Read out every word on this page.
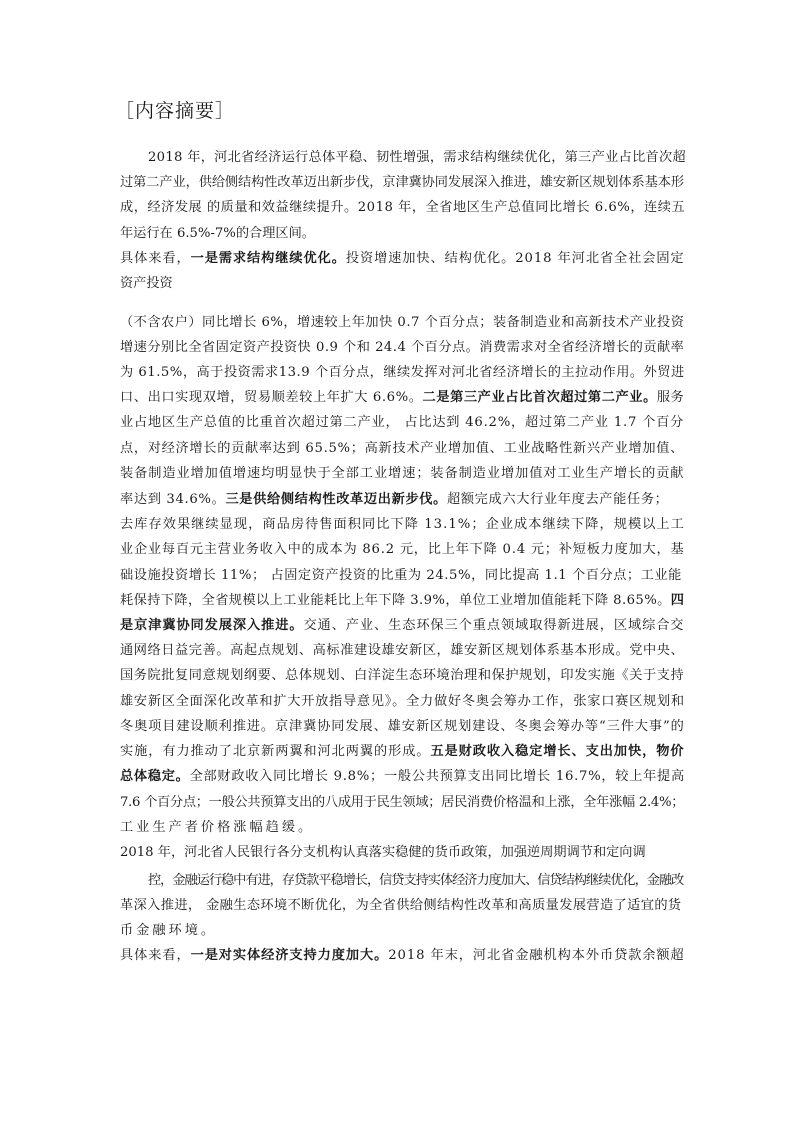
［内容摘要］
2018 年，河北省经济运行总体平稳、韧性增强，需求结构继续优化，第三产业占比首次超
过第二产业，供给侧结构性改革迈出新步伐，京津冀协同发展深入推进，雄安新区规划体系基本形
成，经济发展 的质量和效益继续提升。2018 年，全省地区生产总值同比增长 6.6%，连续五
年运行在 6.5%-7%的合理区间。
具体来看，一是需求结构继续优化。投资增速加快、结构优化。2018 年河北省全社会固定
资产投资
（不含农户）同比增长 6%，增速较上年加快 0.7 个百分点；装备制造业和高新技术产业投资
增速分别比全省固定资产投资快 0.9 个和 24.4 个百分点。消费需求对全省经济增长的贡献率
为 61.5%，高于投资需求13.9 个百分点，继续发挥对河北省经济增长的主拉动作用。外贸进
口、出口实现双增，贸易顺差较上年扩大 6.6%。二是第三产业占比首次超过第二产业。服务
业占地区生产总值的比重首次超过第二产业， 占比达到 46.2%，超过第二产业 1.7 个百分
点，对经济增长的贡献率达到 65.5%；高新技术产业增加值、工业战略性新兴产业增加值、
装备制造业增加值增速均明显快于全部工业增速；装备制造业增加值对工业生产增长的贡献
率达到 34.6%。三是供给侧结构性改革迈出新步伐。超额完成六大行业年度去产能任务；
去库存效果继续显现，商品房待售面积同比下降 13.1%；企业成本继续下降，规模以上工
业企业每百元主营业务收入中的成本为 86.2 元，比上年下降 0.4 元；补短板力度加大，基
础设施投资增长 11%； 占固定资产投资的比重为 24.5%，同比提高 1.1 个百分点；工业能
耗保持下降，全省规模以上工业能耗比上年下降 3.9%，单位工业增加值能耗下降 8.65%。四
是京津冀协同发展深入推进。交通、产业、生态环保三个重点领域取得新进展，区域综合交
通网络日益完善。高起点规划、高标准建设雄安新区，雄安新区规划体系基本形成。党中央、
国务院批复同意规划纲要、总体规划、白洋淀生态环境治理和保护规划，印发实施《关于支持
雄安新区全面深化改革和扩大开放指导意见》。全力做好冬奥会筹办工作，张家口赛区规划和
冬奥项目建设顺利推进。京津冀协同发展、雄安新区规划建设、冬奥会筹办等“三件大事”的
实施，有力推动了北京新两翼和河北两翼的形成。五是财政收入稳定增长、支出加快，物价
总体稳定。全部财政收入同比增长 9.8%；一般公共预算支出同比增长 16.7%，较上年提高
7.6 个百分点；一般公共预算支出的八成用于民生领域；居民消费价格温和上涨，全年涨幅 2.4%；
工业生产者价格涨幅趋缓。
2018 年，河北省人民银行各分支机构认真落实稳健的货币政策，加强逆周期调节和定向调
控，金融运行稳中有进，存贷款平稳增长，信贷支持实体经济力度加大、信贷结构继续优化，金融改
革深入推进， 金融生态环境不断优化，为全省供给侧结构性改革和高质量发展营造了适宜的货
币金融环境。
具体来看，一是对实体经济支持力度加大。2018 年末，河北省金融机构本外币贷款余额超
